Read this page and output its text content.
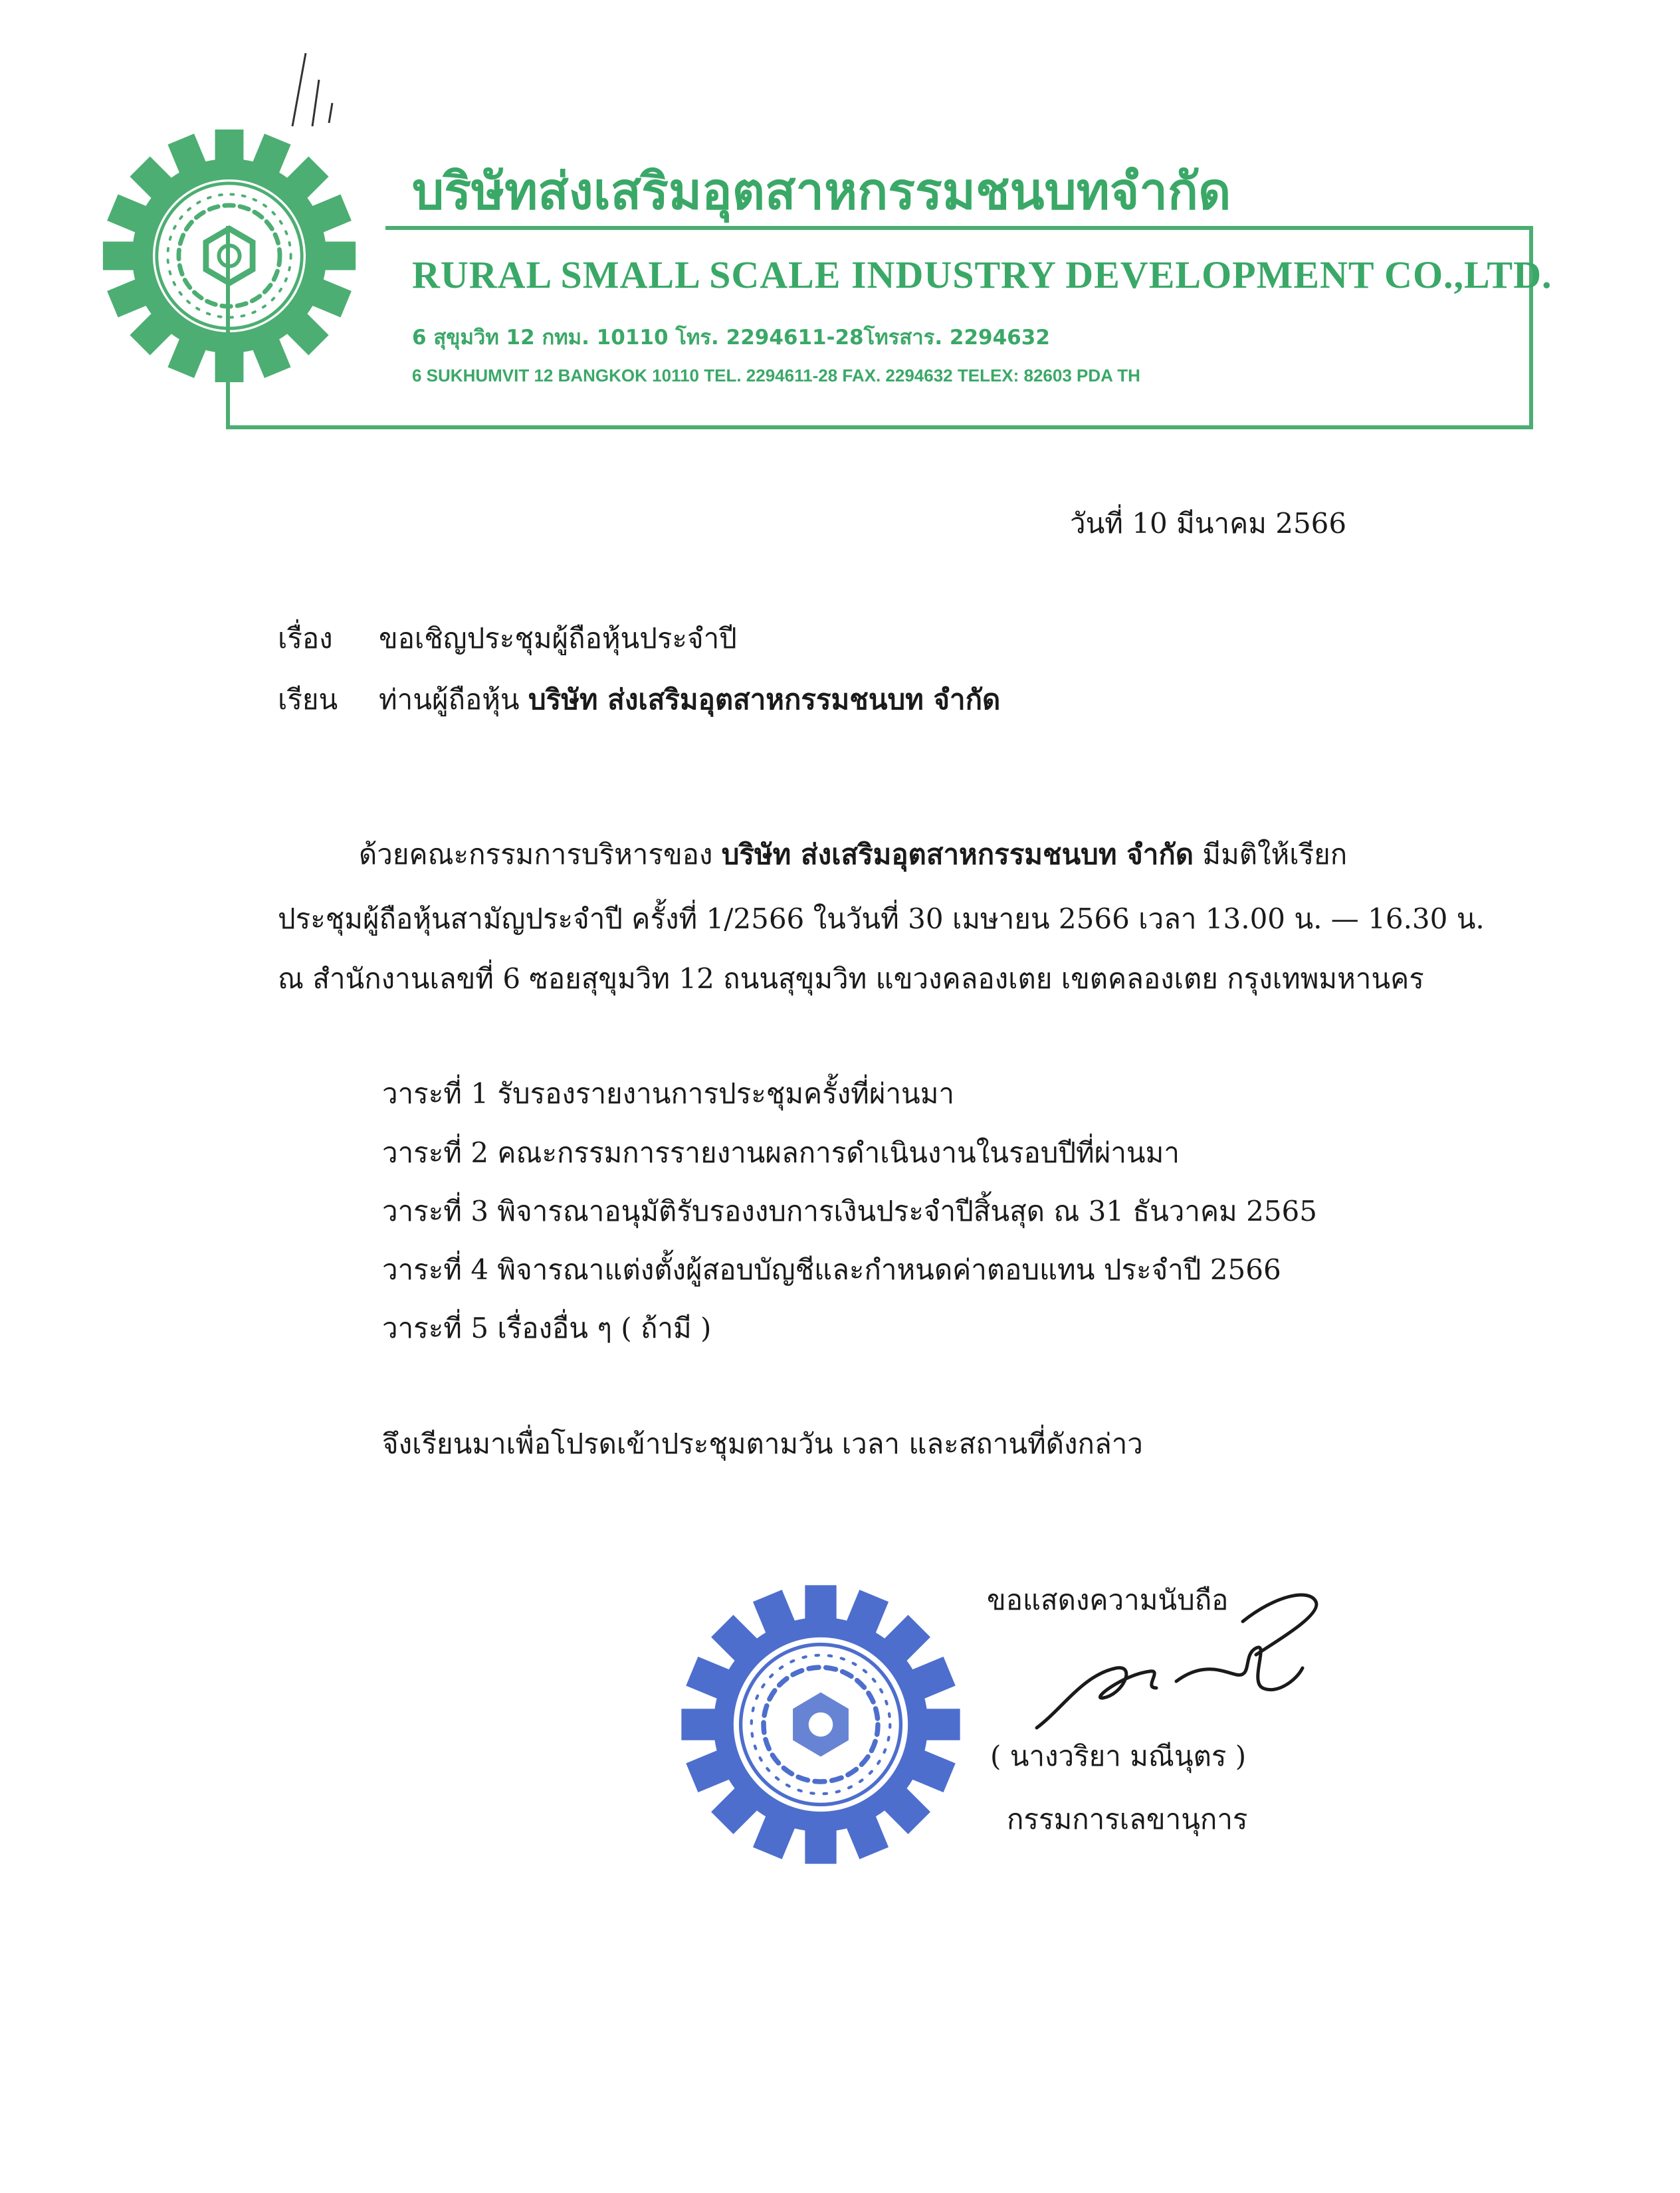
บริษัทส่งเสริมอุตสาหกรรมชนบทจำกัด
RURAL SMALL SCALE INDUSTRY DEVELOPMENT CO.,LTD.
6 สุขุมวิท 12 กทม. 10110 โทร. 2294611-28โทรสาร. 2294632
6 SUKHUMVIT 12 BANGKOK 10110 TEL. 2294611-28 FAX. 2294632 TELEX: 82603 PDA TH
วันที่ 10 มีนาคม 2566
เรื่อง ขอเชิญประชุมผู้ถือหุ้นประจำปี
เรียน ท่านผู้ถือหุ้น บริษัท ส่งเสริมอุตสาหกรรมชนบท จำกัด
ด้วยคณะกรรมการบริหารของ บริษัท ส่งเสริมอุตสาหกรรมชนบท จำกัด มีมติให้เรียก
ประชุมผู้ถือหุ้นสามัญประจำปี ครั้งที่ 1/2566 ในวันที่ 30 เมษายน 2566 เวลา 13.00 น. — 16.30 น.
ณ สำนักงานเลขที่ 6 ซอยสุขุมวิท 12 ถนนสุขุมวิท แขวงคลองเตย เขตคลองเตย กรุงเทพมหานคร
วาระที่ 1 รับรองรายงานการประชุมครั้งที่ผ่านมา
วาระที่ 2 คณะกรรมการรายงานผลการดำเนินงานในรอบปีที่ผ่านมา
วาระที่ 3 พิจารณาอนุมัติรับรองงบการเงินประจำปีสิ้นสุด ณ 31 ธันวาคม 2565
วาระที่ 4 พิจารณาแต่งตั้งผู้สอบบัญชีและกำหนดค่าตอบแทน ประจำปี 2566
วาระที่ 5 เรื่องอื่น ๆ ( ถ้ามี )
จึงเรียนมาเพื่อโปรดเข้าประชุมตามวัน เวลา และสถานที่ดังกล่าว
ขอแสดงความนับถือ
( นางวริยา มณีนุตร )
กรรมการเลขานุการ
